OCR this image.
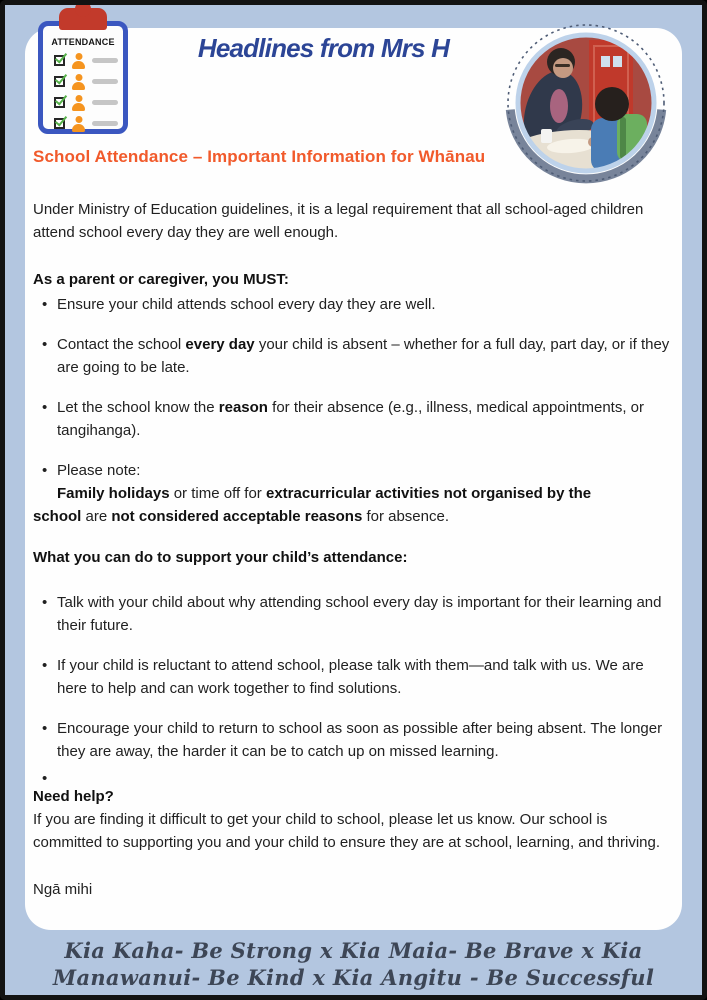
Headlines from Mrs H
School Attendance – Important Information for Whānau

Under Ministry of Education guidelines, it is a legal requirement that all school-aged children attend school every day they are well enough.

As a parent or caregiver, you MUST:

• Ensure your child attends school every day they are well.
• Contact the school every day your child is absent – whether for a full day, part day, or if they are going to be late.
• Let the school know the reason for their absence (e.g., illness, medical appointments, or tangihanga).
• Please note:
Family holidays or time off for extracurricular activities not organised by the

school are not considered acceptable reasons for absence.

What you can do to support your child’s attendance:

• Talk with your child about why attending school every day is important for their learning and their future.
• If your child is reluctant to attend school, please talk with them—and talk with us. We are here to help and can work together to find solutions.
• Encourage your child to return to school as soon as possible after being absent. The longer they are away, the harder it can be to catch up on missed learning.
•

Need help?

If you are finding it difficult to get your child to school, please let us know. Our school is committed to supporting you and your child to ensure they are at school, learning, and thriving.

Ngā mihi

ATTENDANCE
Kia Kaha- Be Strong x Kia Maia- Be Brave x Kia Manawanui- Be Kind x Kia Angitu - Be Successful
